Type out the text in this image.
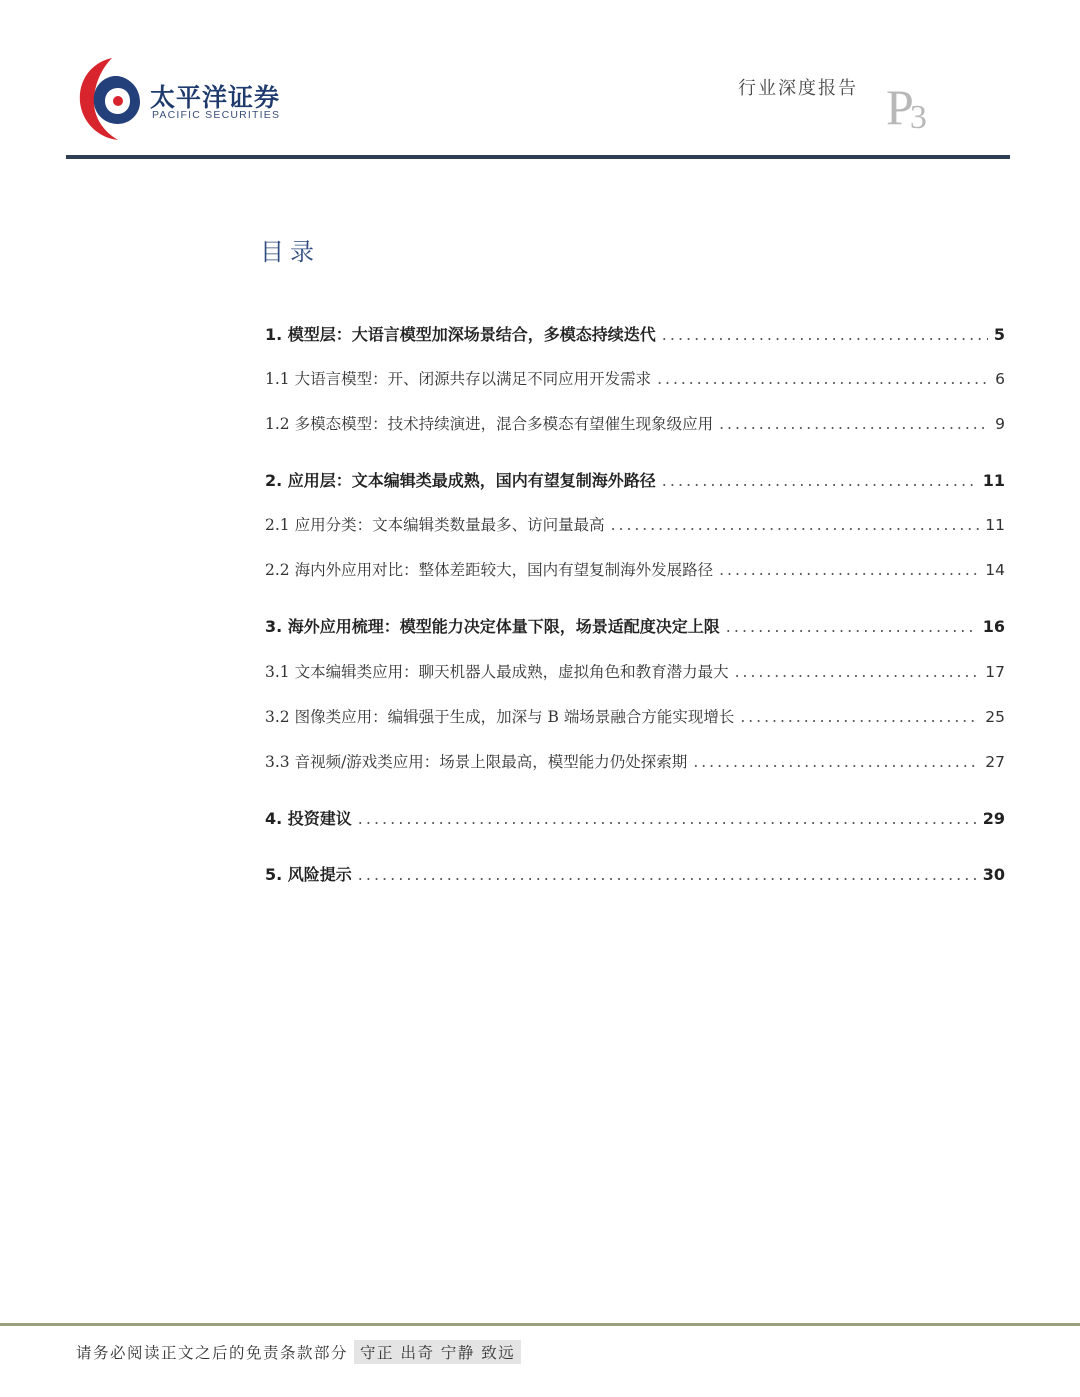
太平洋证券
PACIFIC SECURITIES
行业深度报告 P3
目录
1. 模型层：大语言模型加深场景结合，多模态持续迭代 .....	5
1.1 大语言模型：开、闭源共存以满足不同应用开发需求 .....	6
1.2 多模态模型：技术持续演进，混合多模态有望催生现象级应用 .....	9
2. 应用层：文本编辑类最成熟，国内有望复制海外路径 .....	11
2.1 应用分类：文本编辑类数量最多、访问量最高 .....	11
2.2 海内外应用对比：整体差距较大，国内有望复制海外发展路径 .....	14
3. 海外应用梳理：模型能力决定体量下限，场景适配度决定上限 .....	16
3.1 文本编辑类应用：聊天机器人最成熟，虚拟角色和教育潜力最大 .....	17
3.2 图像类应用：编辑强于生成，加深与 B 端场景融合方能实现增长 .....	25
3.3 音视频/游戏类应用：场景上限最高，模型能力仍处探索期 .....	27
4. 投资建议 .....	29
5. 风险提示 .....	30
请务必阅读正文之后的免责条款部分 守正 出奇 宁静 致远
